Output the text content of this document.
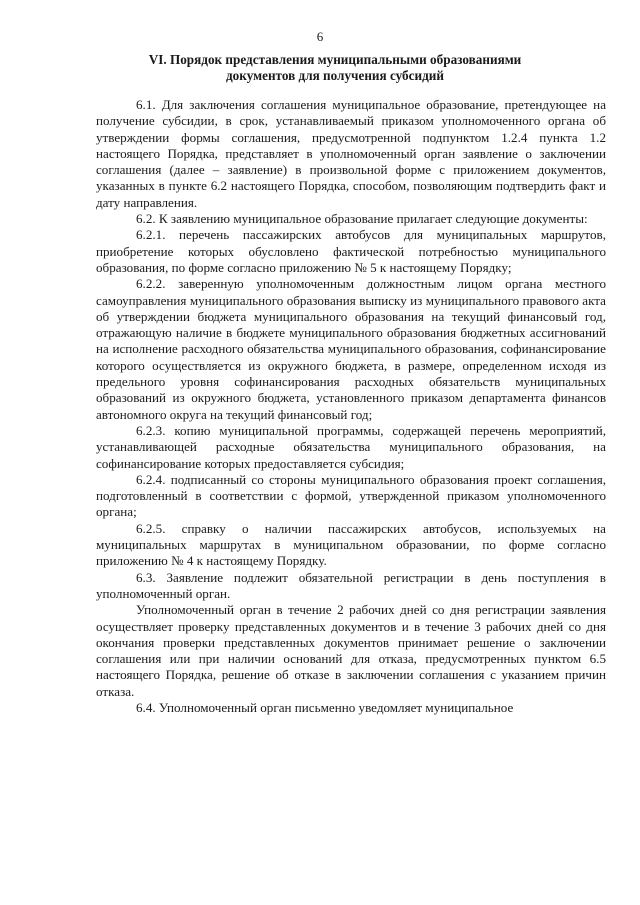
6
VI. Порядок представления муниципальными образованиями
документов для получения субсидий

6.1. Для заключения соглашения муниципальное образование, претендующее на получение субсидии, в срок, устанавливаемый приказом уполномоченного органа об утверждении формы соглашения, предусмотренной подпунктом 1.2.4 пункта 1.2 настоящего Порядка, представляет в уполномоченный орган заявление о заключении соглашения (далее – заявление) в произвольной форме с приложением документов, указанных в пункте 6.2 настоящего Порядка, способом, позволяющим подтвердить факт и дату направления.

6.2. К заявлению муниципальное образование прилагает следующие документы:

6.2.1. перечень пассажирских автобусов для муниципальных маршрутов, приобретение которых обусловлено фактической потребностью муниципального образования, по форме согласно приложению № 5 к настоящему Порядку;

6.2.2. заверенную уполномоченным должностным лицом органа местного самоуправления муниципального образования выписку из муниципального правового акта об утверждении бюджета муниципального образования на текущий финансовый год, отражающую наличие в бюджете муниципального образования бюджетных ассигнований на исполнение расходного обязательства муниципального образования, софинансирование которого осуществляется из окружного бюджета, в размере, определенном исходя из предельного уровня софинансирования расходных обязательств муниципальных образований из окружного бюджета, установленного приказом департамента финансов автономного округа на текущий финансовый год;

6.2.3. копию муниципальной программы, содержащей перечень мероприятий, устанавливающей расходные обязательства муниципального образования, на софинансирование которых предоставляется субсидия;

6.2.4. подписанный со стороны муниципального образования проект соглашения, подготовленный в соответствии с формой, утвержденной приказом уполномоченного органа;

6.2.5. справку о наличии пассажирских автобусов, используемых на муниципальных маршрутах в муниципальном образовании, по форме согласно приложению № 4 к настоящему Порядку.

6.3. Заявление подлежит обязательной регистрации в день поступления в уполномоченный орган.

Уполномоченный орган в течение 2 рабочих дней со дня регистрации заявления осуществляет проверку представленных документов и в течение 3 рабочих дней со дня окончания проверки представленных документов принимает решение о заключении соглашения или при наличии оснований для отказа, предусмотренных пунктом 6.5 настоящего Порядка, решение об отказе в заключении соглашения с указанием причин отказа.

6.4. Уполномоченный орган письменно уведомляет муниципальное
